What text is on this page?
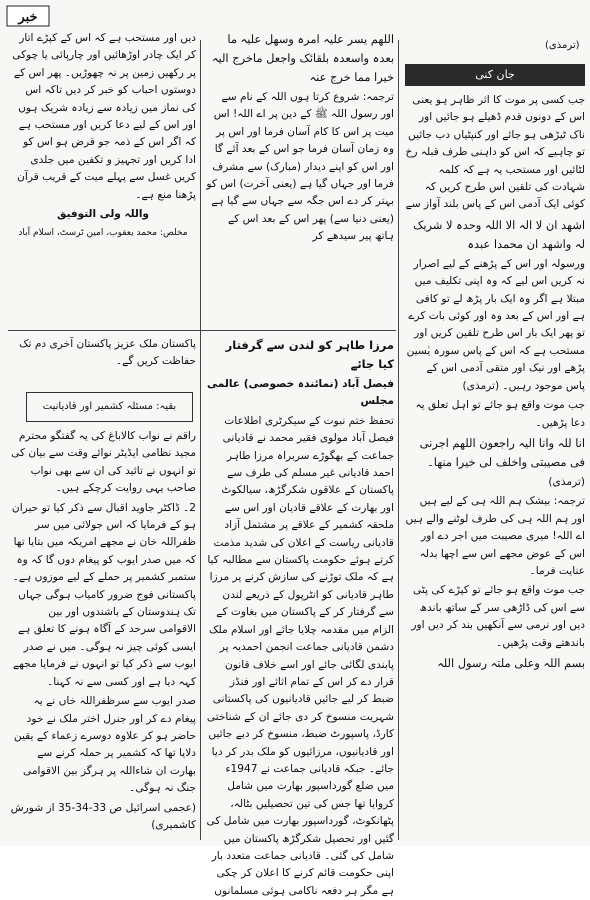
خبر
(ترمذی)
جان کنی

جب کسی پر موت کا اثر ظاہر ہو یعنی اس کے دونوں قدم ڈھیلے ہو جائیں اور ناک ٹیڑھی ہو جائے اور کنپٹیاں دب جائیں تو چاہیے کہ اس کو داہنی طرف قبلہ رخ لٹائیں اور مستحب یہ ہے کہ کلمہ شہادت کی تلقین اس طرح کریں کہ کوئی ایک آدمی اس کے پاس بلند آواز سے

اشھد ان لا الہ الا اللہ وحدہ لا شریک لہ واشھد ان محمدا عبدہ

ورسولہ اور اس کے پڑھنے کے لیے اصرار نہ کریں اس لیے کہ وہ اپنی تکلیف میں مبتلا ہے اگر وہ ایک بار پڑھ لے تو کافی ہے اور اس کے بعد وہ اور کوئی بات کرے تو پھر ایک بار اس طرح تلقین کریں اور مستحب ہے کہ اس کے پاس سورہ یٰسین پڑھے اور نیک اور متقی آدمی اس کے پاس موجود رہیں۔ (ترمذی)

جب موت واقع ہو جائے تو اہل تعلق یہ دعا پڑھیں۔

انا للہ وانا الیہ راجعون اللھم اجرنی فی مصیبتی واخلف لی خیرا منھا۔

(ترمذی)

ترجمہ: بیشک ہم اللہ ہی کے لیے ہیں اور ہم اللہ ہی کی طرف لوٹنے والے ہیں اے اللہ! میری مصیبت میں اجر دے اور اس کے عوض مجھے اس سے اچھا بدلہ عنایت فرما۔

جب موت واقع ہو جائے تو کپڑے کی پٹی سے اس کی ڈاڑھی سر کے ساتھ باندھ دیں اور نرمی سے آنکھیں بند کر دیں اور باندھتے وقت پڑھیں۔

بسم اللہ وعلی ملتہ رسول اللہ

اللھم یسر علیہ امرہ وسھل علیہ ما بعدہ واسعدہ بلقائک واجعل ماخرج الیہ خیرا مما خرج عنہ

ترجمہ: شروع کرتا ہوں اللہ کے نام سے اور رسول اللہ ﷺ کے دین پر اے اللہ! اس میت پر اس کا کام آسان فرما اور اس پر وہ زمان آسان فرما جو اس کے بعد آئے گا اور اس کو اپنے دیدار (مبارک) سے مشرف فرما اور جہاں گیا ہے (یعنی آخرت) اس کو بہتر کر دے اس جگہ سے جہاں سے گیا ہے (یعنی دنیا سے) پھر اس کے بعد اس کے ہاتھ پیر سیدھے کر

دیں اور مستحب ہے کہ اس کے کپڑے اتار کر ایک چادر اوڑھائیں اور چارپائی یا چوکی پر رکھیں زمین پر نہ چھوڑیں۔ پھر اس کے دوستوں احباب کو خبر کر دیں تاکہ اس کی نماز میں زیادہ سے زیادہ شریک ہوں اور اس کے لیے دعا کریں اور مستحب ہے کہ اگر اس کے ذمہ جو قرض ہو اس کو ادا کریں اور تجہیز و تکفین میں جلدی کریں غسل سے پہلے میت کے قریب قرآن پڑھنا منع ہے۔

واللہ ولی التوفیق

مخلص: محمد یعقوب، امین ٹرسٹ، اسلام آباد

مرزا طاہر کو لندن سے گرفتار کیا جائے

فیصل آباد (نمائندہ خصوصی) عالمی مجلس

تحفظ ختم نبوت کے سیکرٹری اطلاعات فیصل آباد مولوی فقیر محمد نے قادیانی جماعت کے بھگوڑے سربراہ مرزا طاہر احمد قادیانی غیر مسلم کی طرف سے پاکستان کے علاقوں شکرگڑھ، سیالکوٹ اور بھارت کے علاقے قادیان اور اس سے ملحقہ کشمیر کے علاقے پر مشتمل آزاد قادیانی ریاست کے اعلان کی شدید مذمت کرتے ہوئے حکومت پاکستان سے مطالبہ کیا ہے کہ ملک توڑنے کی سازش کرنے پر مرزا طاہر قادیانی کو انٹرپول کے ذریعے لندن سے گرفتار کر کے پاکستان میں بغاوت کے الزام میں مقدمہ چلایا جائے اور اسلام ملک دشمن قادیانی جماعت انجمن احمدیہ پر پابندی لگائی جائے اور اسے خلاف قانون قرار دے کر اس کے تمام اثاثے اور فنڈز ضبط کر لیے جائیں قادیانیوں کی پاکستانی شہریت منسوخ کر دی جائے ان کے شناختی کارڈ، پاسپورٹ ضبط، منسوخ کر دیے جائیں اور قادیانیوں، مرزائیوں کو ملک بدر کر دیا جائے۔ جبکہ قادیانی جماعت نے 1947ء میں ضلع گورداسپور بھارت میں شامل کروایا تھا جس کی تین تحصیلیں بٹالہ، پٹھانکوٹ، گورداسپور بھارت میں شامل کی گئیں اور تحصیل شکرگڑھ پاکستان میں شامل کی گئی۔ قادیانی جماعت متعدد بار اپنی حکومت قائم کرنے کا اعلان کر چکی ہے مگر ہر دفعہ ناکامی ہوئی مسلمانوں

پاکستان ملک عزیز پاکستان آخری دم تک حفاظت کریں گے۔

بقیہ: مسئلہ کشمیر اور قادیانیت

راقم نے نواب کالاباغ کی یہ گفتگو محترم مجید نظامی ایڈیٹر نوائے وقت سے بیان کی تو انہوں نے تائید کی ان سے بھی نواب صاحب یہی روایت کرچکے ہیں۔

2۔ ڈاکٹر جاوید اقبال سے ذکر کیا تو حیران ہو کے فرمایا کہ اس جولائی میں سر ظفراللہ خان نے مجھے امریکہ میں بتایا تھا کہ میں صدر ایوب کو پیغام دوں گا کہ وہ ستمبر کشمیر پر حملے کے لیے موزوں ہے۔ پاکستانی فوج ضرور کامیاب ہوگی جہاں تک ہندوستان کے باشندوں اور بین الاقوامی سرحد کے آگاہ ہونے کا تعلق ہے ایسی کوئی چیز نہ ہوگی۔ میں نے صدر ایوب سے ذکر کیا تو انہوں نے فرمایا مجھے کہہ دیا ہے اور کسی سے نہ کہنا۔

صدر ایوب سے سرظفراللہ خاں نے یہ پیغام دے کر اور جنرل اختر ملک نے خود حاضر ہو کر علاوہ دوسرے زعماء کے یقین دلایا تھا کہ کشمیر پر حملہ کرنے سے بھارت ان شاءاللہ پر ہرگز بین الاقوامی جنگ نہ ہوگی۔

(عجمی اسرائیل ص 33-34-35 از شورش کاشمیری)
